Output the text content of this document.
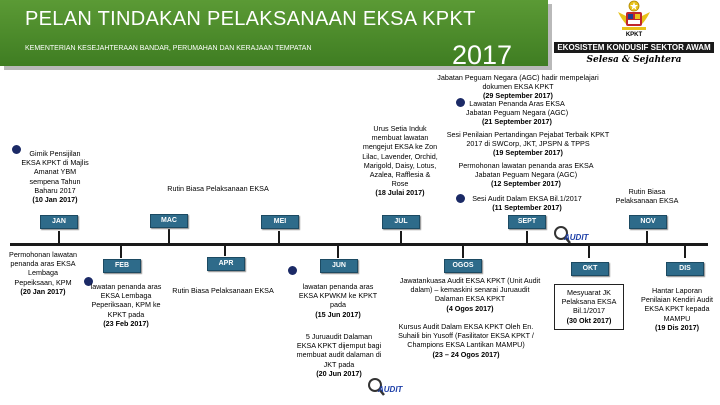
PELAN TINDAKAN PELAKSANAAN EKSA KPKT
KEMENTERIAN KESEJAHTERAAN BANDAR, PERUMAHAN DAN KERAJAAN TEMPATAN	2017
KPKT
EKOSISTEM KONDUSIF SEKTOR AWAM
Selesa & Sejahtera
JAN
FEB
MAC
APR
MEI
JUN
JUL
OGOS
SEPT
OKT
NOV
DIS
Gimik Pensijilan EKSA KPKT di Majlis Amanat YBM sempena Tahun Baharu 2017
(10 Jan 2017)
Permohonan lawatan penanda aras EKSA Lembaga Pepeiksaan, KPM
(20 Jan 2017)
lawatan penanda aras EKSA Lembaga Peperiksaan, KPM ke KPKT pada
(23 Feb 2017)
Rutin Biasa Pelaksanaan EKSA
Rutin Biasa Pelaksanaan EKSA	lawatan penanda aras EKSA KPWKM ke KPKT pada
(15 Jun 2017)
5 Juruaudit Dalaman EKSA KPKT dijemput bagi membuat audit dalaman di JKT pada
(20 Jun 2017)
AUDIT
Urus Setia Induk membuat lawatan mengejut EKSA ke Zon Lilac, Lavender, Orchid, Marigold, Daisy, Lotus, Azalea, Rafflesia & Rose
(18 Julai 2017)
Jawatankuasa Audit EKSA KPKT (Unit Audit dalam) – kemaskini senarai Juruaudit Dalaman EKSA KPKT
(4 Ogos 2017)
Kursus Audit Dalam EKSA KPKT Oleh En. Suhaili bin Yusoff (Fasilitator EKSA KPKT / Champions EKSA Lantikan MAMPU)
(23 – 24 Ogos 2017)
Jabatan Peguam Negara (AGC) hadir mempelajari dokumen EKSA KPKT
(29 September 2017)
Lawatan Penanda Aras EKSA Jabatan Peguam Negara (AGC)
(21 September 2017)
Sesi Penilaian Pertandingan Pejabat Terbaik KPKT 2017 di SWCorp, JKT, JPSPN & TPPS
(19 September 2017)
Permohonan lawatan penanda aras EKSA Jabatan Peguam Negara (AGC)
(12 September 2017)
Sesi Audit Dalam EKSA Bil.1/2017
(11 September 2017)
AUDIT
Mesyuarat JK Pelaksana EKSA Bil.1/2017
(30 Okt 2017)
Rutin Biasa Pelaksanaan EKSA
Hantar Laporan Penilaian Kendiri Audit EKSA KPKT kepada MAMPU
(19 Dis 2017)
